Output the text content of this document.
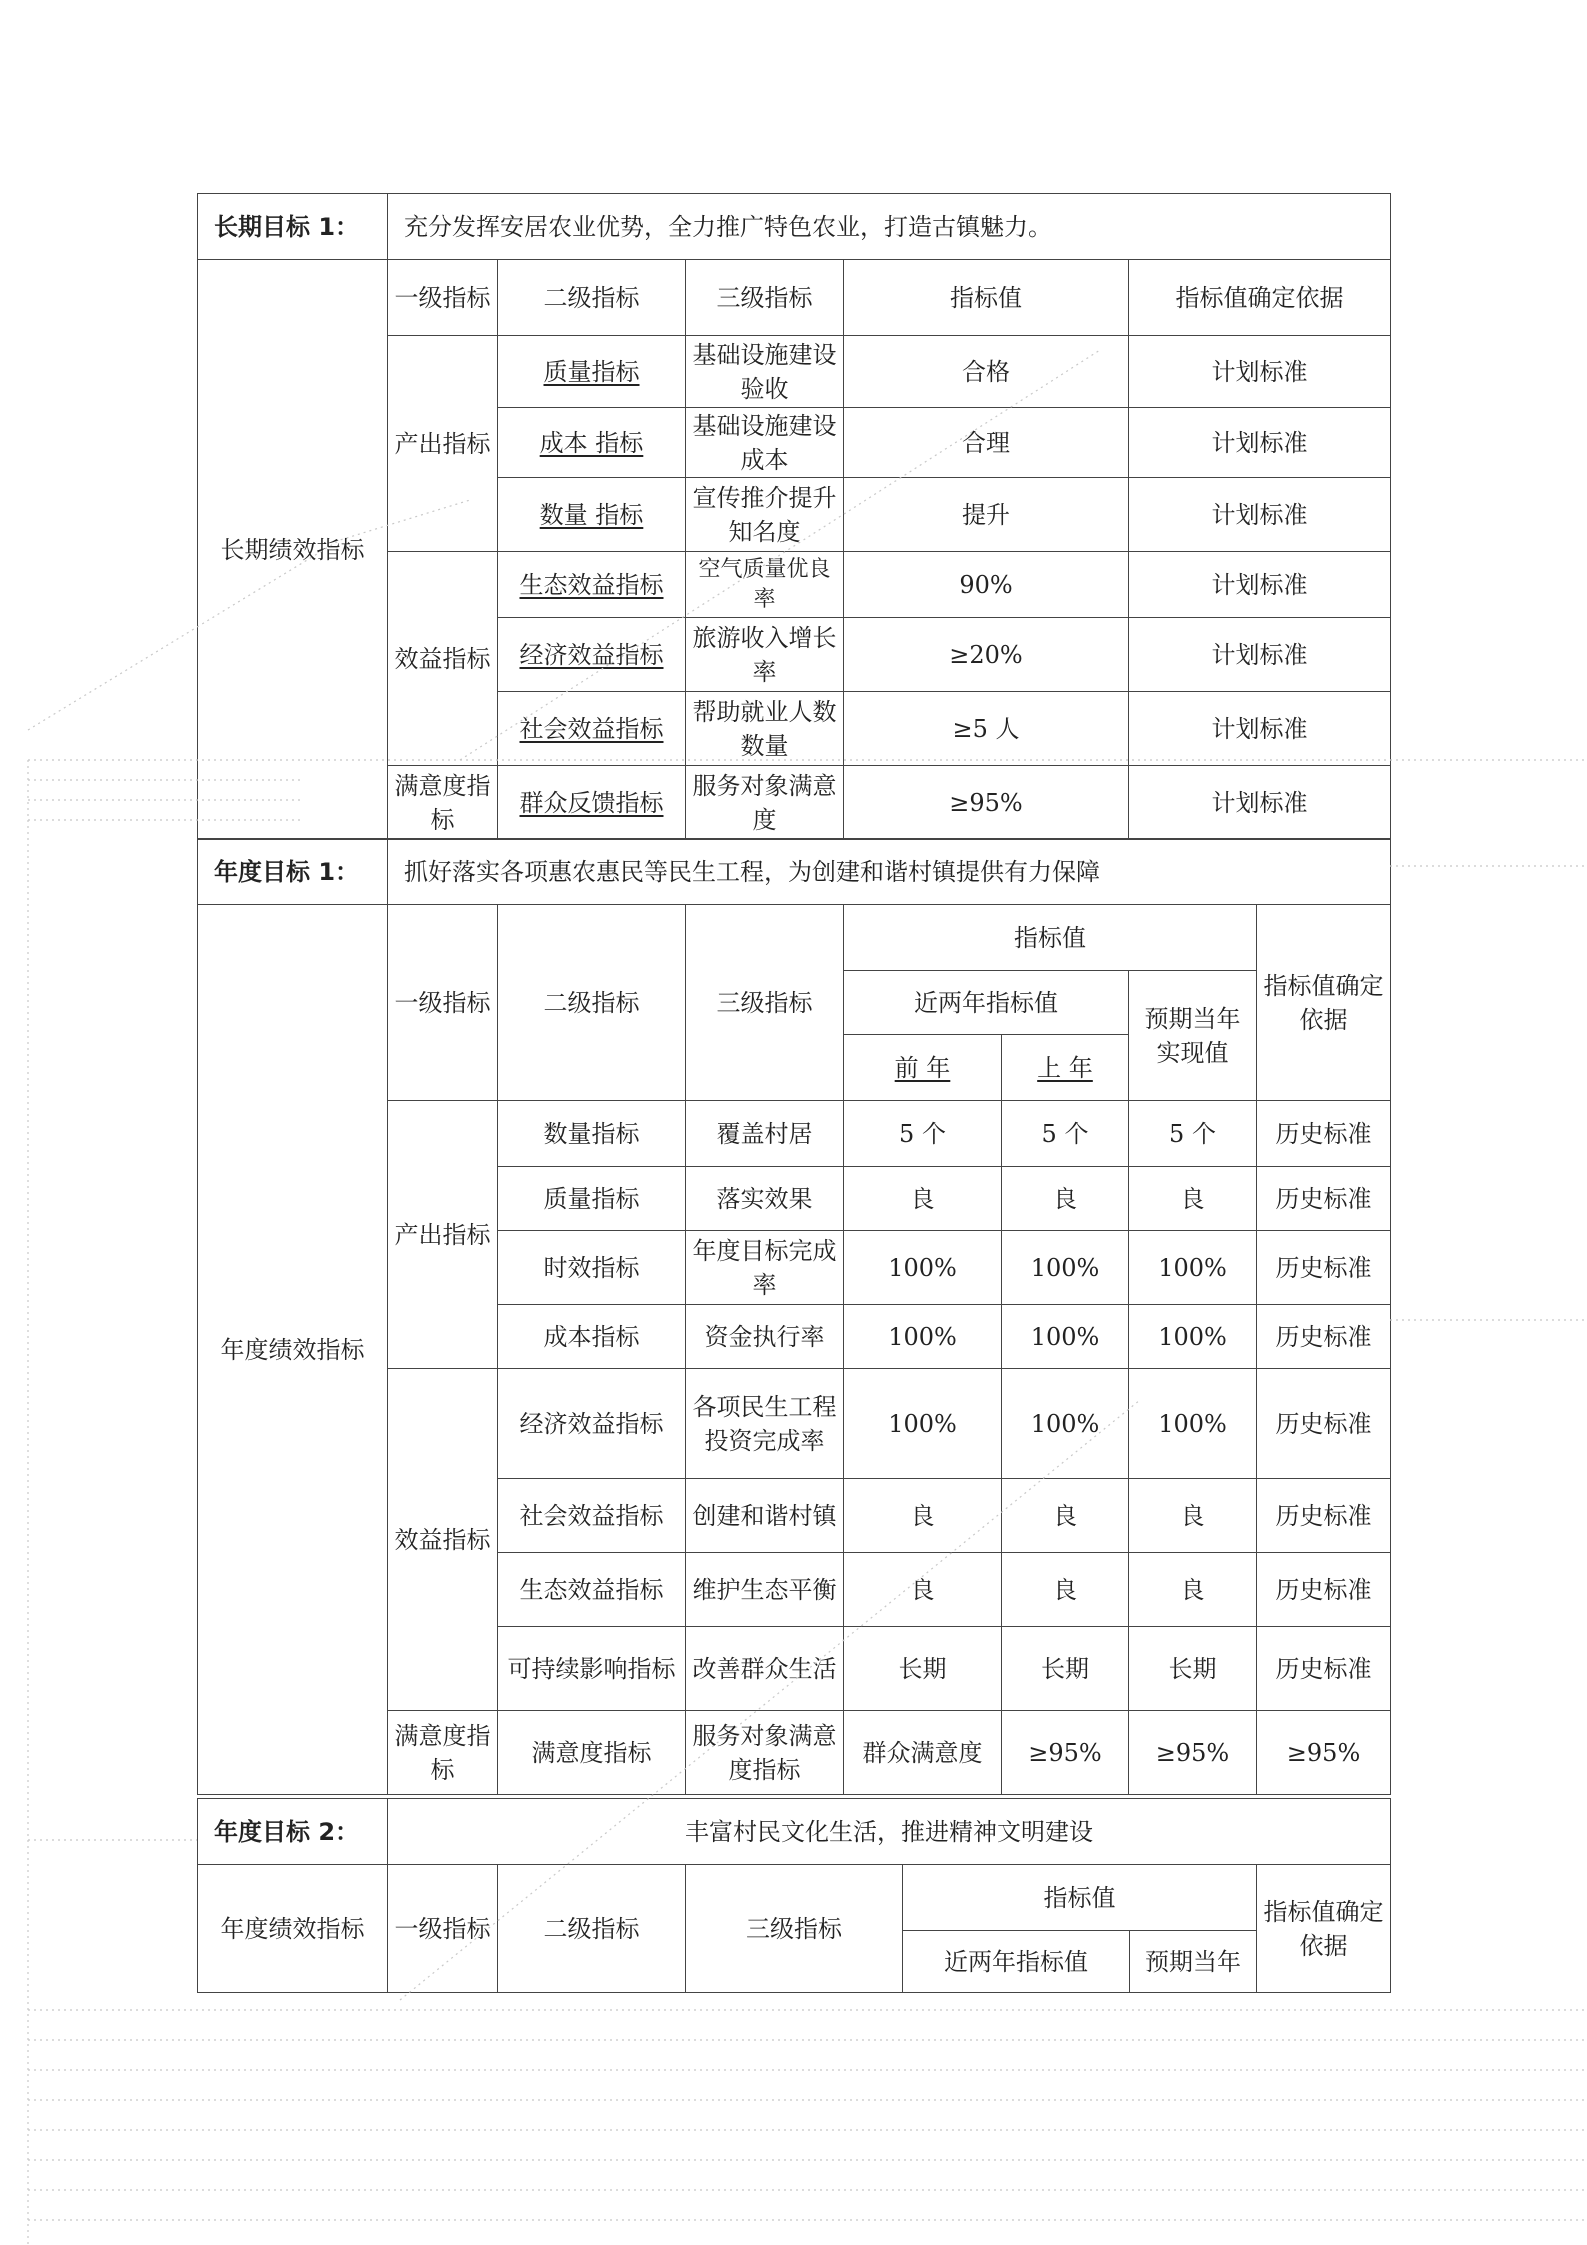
长期目标 1：	充分发挥安居农业优势，全力推广特色农业，打造古镇魅力。				
长期绩效指标	一级指标	二级指标	三级指标	指标值	指标值确定依据
	产出指标	质量指标	基础设施建设验收	合格	计划标准
		成本 指标	基础设施建设成本	合理	计划标准
		数量 指标	宣传推介提升知名度	提升	计划标准
	效益指标	生态效益指标	空气质量优良率	90%	计划标准
		经济效益指标	旅游收入增长率	≥20%	计划标准
		社会效益指标	帮助就业人数数量	≥5 人	计划标准
	满意度指标	群众反馈指标	服务对象满意度	≥95%	计划标准
年度目标 1：	抓好落实各项惠农惠民等民生工程，为创建和谐村镇提供有力保障						
年度绩效指标	一级指标	二级指标	三级指标	指标值			指标值确定依据
				近两年指标值		预期当年实现值	
				前 年	上 年		
	产出指标	数量指标	覆盖村居	5 个	5 个	5 个	历史标准
		质量指标	落实效果	良	良	良	历史标准
		时效指标	年度目标完成率	100%	100%	100%	历史标准
		成本指标	资金执行率	100%	100%	100%	历史标准
	效益指标	经济效益指标	各项民生工程投资完成率	100%	100%	100%	历史标准
		社会效益指标	创建和谐村镇	良	良	良	历史标准
		生态效益指标	维护生态平衡	良	良	良	历史标准
		可持续影响指标	改善群众生活	长期	长期	长期	历史标准
	满意度指标	满意度指标	服务对象满意度指标	群众满意度	≥95%	≥95%	≥95%
年度目标 2：	丰富村民文化生活，推进精神文明建设					
年度绩效指标	一级指标	二级指标	三级指标	指标值		指标值确定依据
				近两年指标值	预期当年	
